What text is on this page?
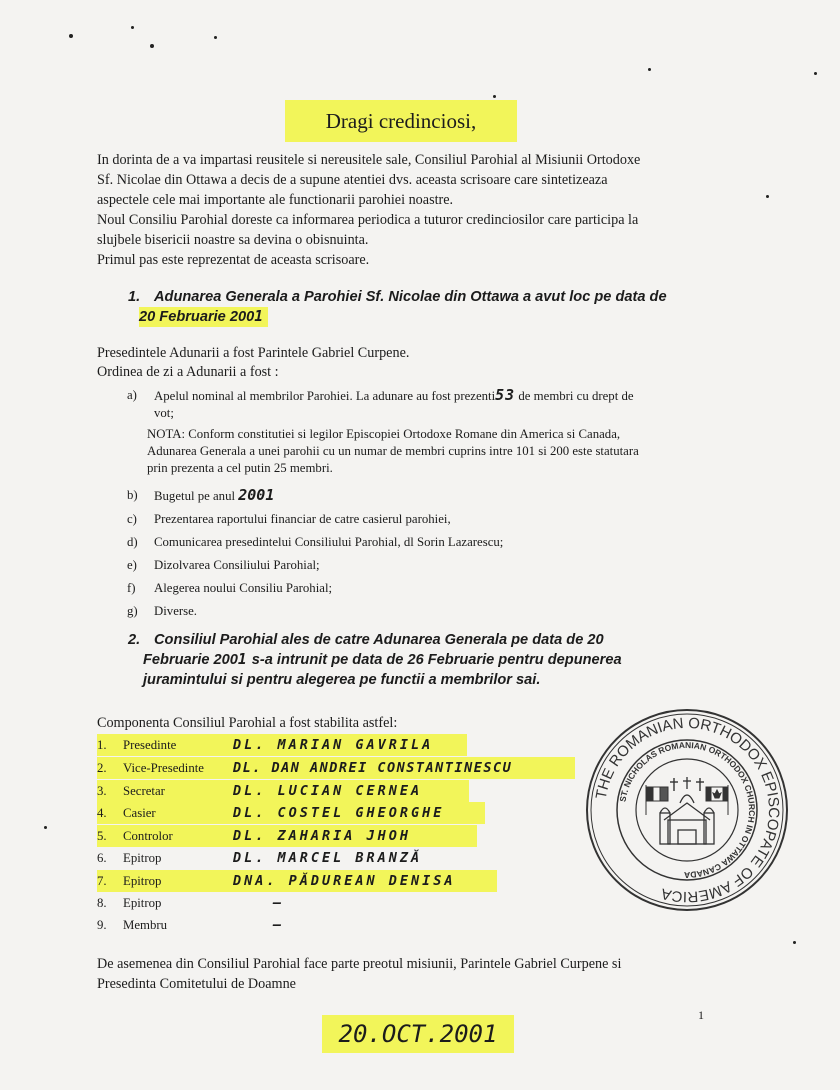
Dragi credinciosi,

In dorinta de a va impartasi reusitele si nereusitele sale, Consiliul Parohial al Misiunii Ortodoxe

Sf. Nicolae din Ottawa a decis de a supune atentiei dvs. aceasta scrisoare care sintetizeaza

aspectele cele mai importante ale functionarii parohiei noastre.

Noul Consiliu Parohial doreste ca informarea periodica a tuturor credinciosilor care participa la

slujbele bisericii noastre sa devina o obisnuinta.

Primul pas este reprezentat de aceasta scrisoare.

1. Adunarea Generala a Parohiei Sf. Nicolae din Ottawa a avut loc pe data de 20 Februarie 2001
Presedintele Adunarii a fost Parintele Gabriel Curpene.
Ordinea de zi a Adunarii a fost :
a) Apelul nominal al membrilor Parohiei. La adunare au fost prezenti53 de membri cu drept de
vot;
NOTA: Conform constitutiei si legilor Episcopiei Ortodoxe Romane din America si Canada,
Adunarea Generala a unei parohii cu un numar de membri cuprins intre 101 si 200 este statutara
prin prezenta a cel putin 25 membri.
b) Bugetul pe anul 2001
c) Prezentarea raportului financiar de catre casierul parohiei,
d) Comunicarea presedintelui Consiliului Parohial, dl Sorin Lazarescu;
e) Dizolvarea Consiliului Parohial;
f) Alegerea noului Consiliu Parohial;
g) Diverse.
2. Consiliul Parohial ales de catre Adunarea Generala pe data de 20
Februarie 2001 s-a intrunit pe data de 26 Februarie pentru depunerea
juramintului si pentru alegerea pe functii a membrilor sai.
Componenta Consiliul Parohial a fost stabilita astfel:
1. Presedinte	DL. MARIAN GAVRILA
2. Vice-Presedinte DL. DAN ANDREI CONSTANTINESCU
3. Secretar	DL. LUCIAN CERNEA
4. Casier	DL. COSTEL GHEORGHE
5. Controlor	DL. ZAHARIA JHOH
6. Epitrop	DL. MARCEL BRANZĂ
7. Epitrop	DNA. PĂDUREAN DENISA
8. Epitrop	–
9. Membru	–
THE ROMANIAN ORTHODOX EPISCOPATE OF AMERICA
ST. NICHOLAS ROMANIAN ORTHODOX CHURCH IN OTTAWA CANADA
De asemenea din Consiliul Parohial face parte preotul misiunii, Parintele Gabriel Curpene si
Presedinta Comitetului de Doamne
1
20.OCT.2001
